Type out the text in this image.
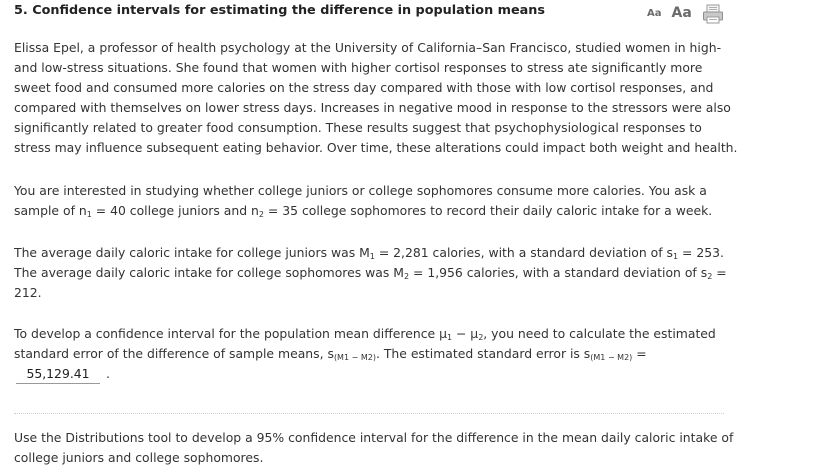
5. Confidence intervals for estimating the difference in population means	Aa Aa
Elissa Epel, a professor of health psychology at the University of California–San Francisco, studied women in high- and low-stress situations. She found that women with higher cortisol responses to stress ate significantly more sweet food and consumed more calories on the stress day compared with those with low cortisol responses, and compared with themselves on lower stress days. Increases in negative mood in response to the stressors were also significantly related to greater food consumption. These results suggest that psychophysiological responses to stress may influence subsequent eating behavior. Over time, these alterations could impact both weight and health.
You are interested in studying whether college juniors or college sophomores consume more calories. You ask a sample of $n_1 = 40$ college juniors and $n_2 = 35$ college sophomores to record their daily caloric intake for a week.
The average daily caloric intake for college juniors was $M_1 = 2,281$ calories, with a standard deviation of $s_1 = 253$.
The average daily caloric intake for college sophomores was $M_2 = 1,956$ calories, with a standard deviation of $s_2 = 212$.
To develop a confidence interval for the population mean difference $\mu_1 - \mu_2$, you need to calculate the estimated standard error of the difference of sample means, $s_{(M1 - M2)}$. The estimated standard error is $s_{(M1 - M2)}$ =
55,129.41	.
Use the Distributions tool to develop a 95% confidence interval for the difference in the mean daily caloric intake of college juniors and college sophomores.
